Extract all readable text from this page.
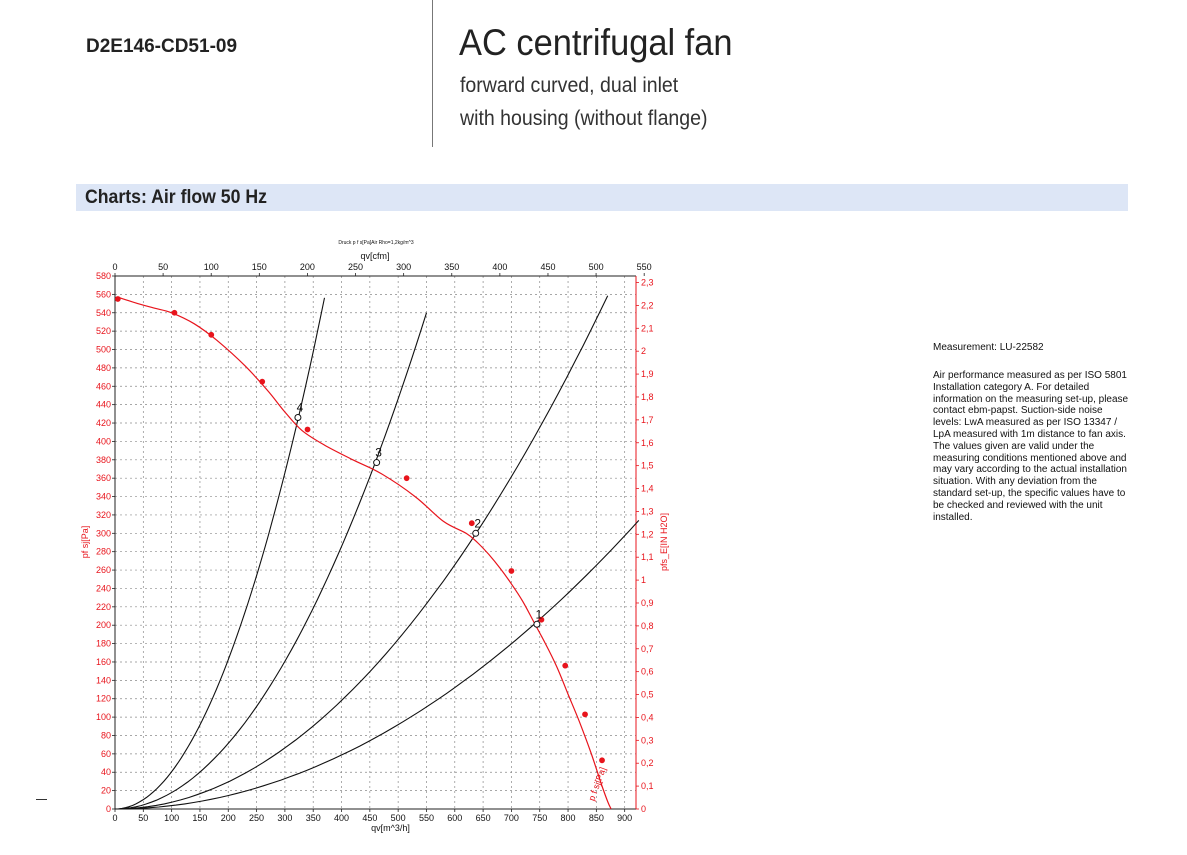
D2E146-CD51-09	AC centrifugal fan
forward curved, dual inlet
with housing (without flange)
Charts: Air flow 50 Hz
0 50 100 150 200 250 300 350 400 450 500 550 600 650 700 750 800 850 900
qv[m^3/h]
0	50	100	150	200	250	300	350	400	450	500	550
qv[cfm]
Druck p f s[Pa]Air Rho=1,2kg/m^3
0
20
40
60
80
100
120
140
160
180
200
220
240
260
280
300
320
340
360
380
400
420
440
460
480
500
520
540
560
580
pf sj[Pa]
0
0,1
0,2
0,3
0,4
0,5
0,6
0,7
0,8
0,9
1
1,1
1,2
1,3
1,4
1,5
1,6
1,7
1,8
1,9
2
2,1
2,2
2,3
pfs_E[IN H2O]
1
2
3
4
p f sj[Pa]
Measurement: LU-22582
Air performance measured as per ISO 5801 Installation category A. For detailed information on the measuring set-up, please contact ebm-papst. Suction-side noise levels: LwA measured as per ISO 13347 / LpA measured with 1m distance to fan axis. The values given are valid under the measuring conditions mentioned above and may vary according to the actual installation situation. With any deviation from the standard set-up, the specific values have to be checked and reviewed with the unit installed.
